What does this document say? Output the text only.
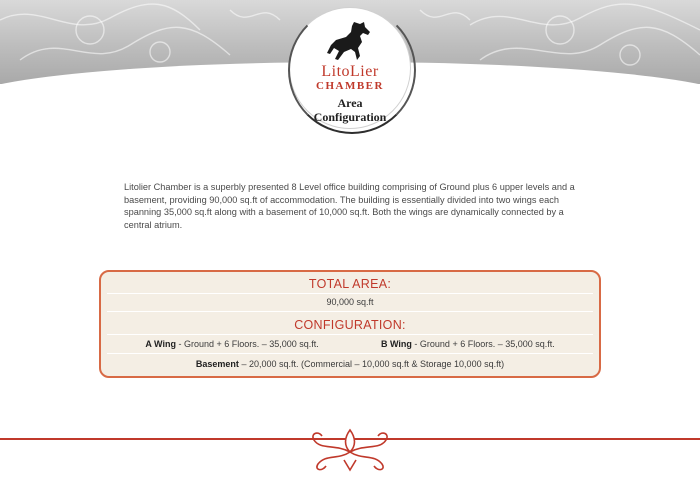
LitoLier
CHAMBER
Area
Configuration
Litolier Chamber is a superbly presented 8 Level office building comprising of Ground plus 6 upper levels and a basement, providing 90,000 sq.ft of accommodation. The building is essentially divided into two wings each spanning 35,000 sq.ft along with a basement of 10,000 sq.ft. Both the wings are dynamically connected by a central atrium.
TOTAL AREA:
90,000 sq.ft
CONFIGURATION:
A Wing - Ground + 6 Floors. – 35,000 sq.ft.	B Wing - Ground + 6 Floors. – 35,000 sq.ft.
Basement – 20,000 sq.ft. (Commercial – 10,000 sq.ft & Storage 10,000 sq.ft)
